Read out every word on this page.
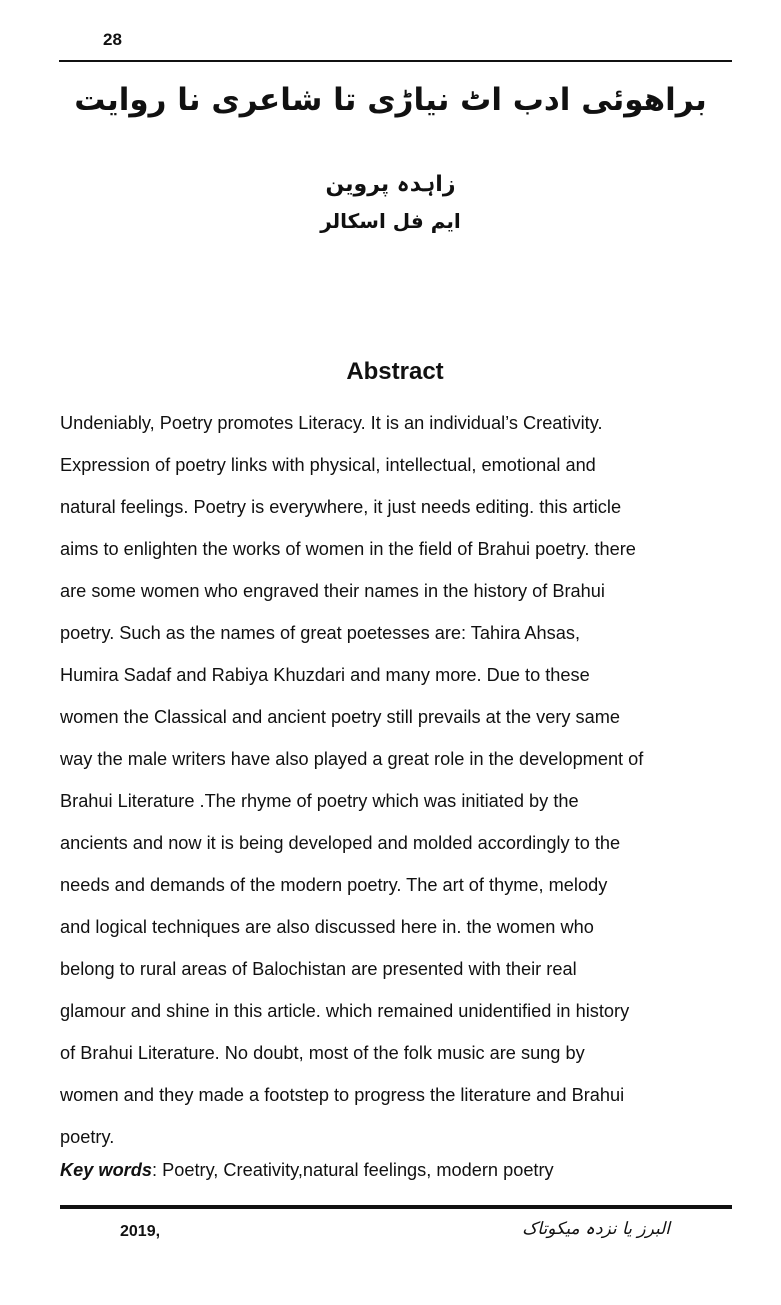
28
براھوئی ادب اٹ نیاڑی تا شاعری نا روایت
زاہدہ پروین
ایم فل اسکالر
Abstract
Undeniably, Poetry promotes Literacy. It is an individual’s Creativity.
Expression of poetry links with physical, intellectual, emotional and
natural feelings. Poetry is everywhere, it just needs editing. this article
aims to enlighten the works of women in the field of Brahui poetry. there
are some women who engraved their names in the history of Brahui
poetry. Such as the names of great poetesses are: Tahira Ahsas,
Humira Sadaf and Rabiya Khuzdari and many more. Due to these
women the Classical and ancient poetry still prevails at the very same
way the male writers have also played a great role in the development of
Brahui Literature .The rhyme of poetry which was initiated by the
ancients and now it is being developed and molded accordingly to the
needs and demands of the modern poetry. The art of thyme, melody
and logical techniques are also discussed here in. the women who
belong to rural areas of Balochistan are presented with their real
glamour and shine in this article. which remained unidentified in history
of Brahui Literature. No doubt, most of the folk music are sung by
women and they made a footstep to progress the literature and Brahui
poetry.
Key words: Poetry, Creativity,natural feelings, modern poetry
2019,	البرز یا نزدہ میکوتاک
